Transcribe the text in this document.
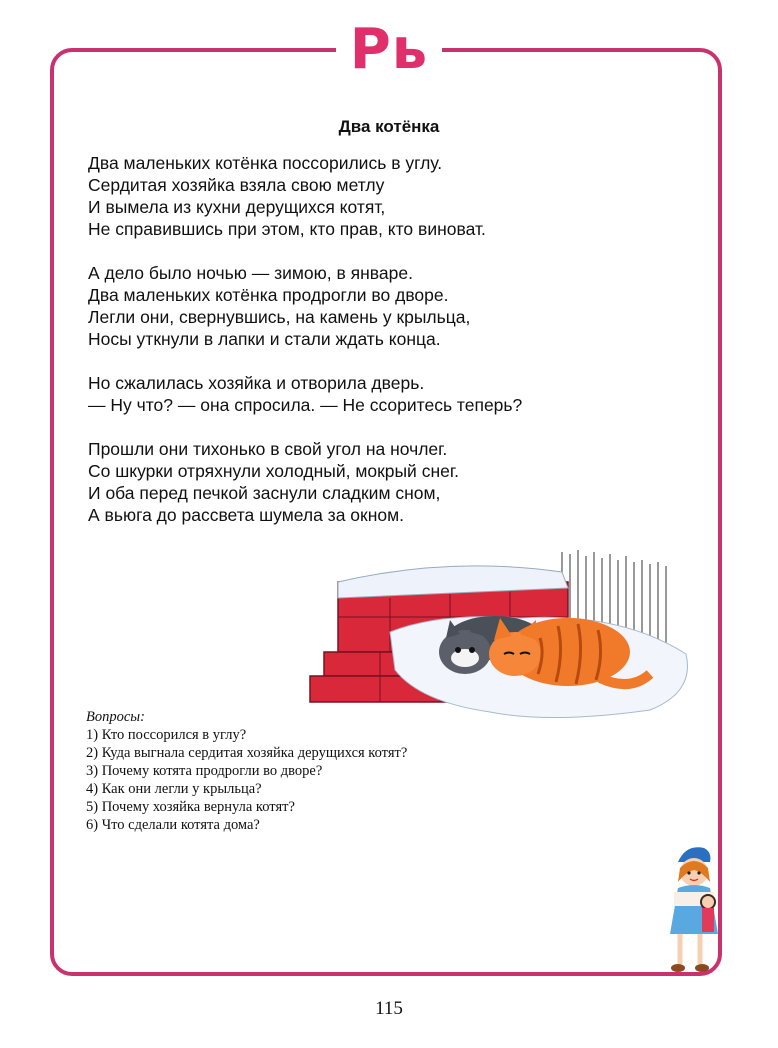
Рь
Два котёнка
Два маленьких котёнка поссорились в углу.
Сердитая хозяйка взяла свою метлу
И вымела из кухни дерущихся котят,
Не справившись при этом, кто прав, кто виноват.
А дело было ночью — зимою, в январе.
Два маленьких котёнка продрогли во дворе.
Легли они, свернувшись, на камень у крыльца,
Носы уткнули в лапки и стали ждать конца.
Но сжалилась хозяйка и отворила дверь.
— Ну что? — она спросила. — Не ссоритесь теперь?
Прошли они тихонько в свой угол на ночлег.
Со шкурки отряхнули холодный, мокрый снег.
И оба перед печкой заснули сладким сном,
А вьюга до рассвета шумела за окном.
Вопросы:
1) Кто поссорился в углу?
2) Куда выгнала сердитая хозяйка дерущихся котят?
3) Почему котята продрогли во дворе?
4) Как они легли у крыльца?
5) Почему хозяйка вернула котят?
6) Что сделали котята дома?
115
